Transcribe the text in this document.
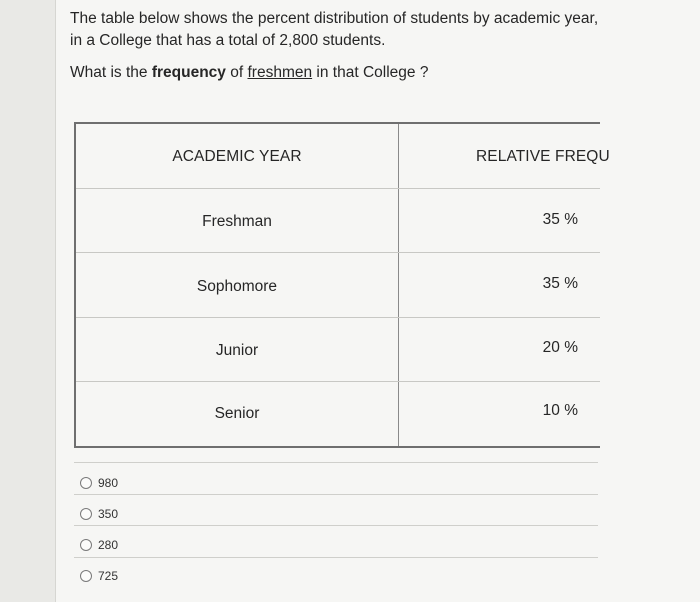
The table below shows the percent distribution of students by academic year,

in a College that has a total of 2,800 students.

What is the frequency of freshmen in that College ?

ACADEMIC YEAR	RELATIVE FREQU
Freshman	35 %
Sophomore	35 %
Junior	20 %
Senior	10 %
980
350
280
725
